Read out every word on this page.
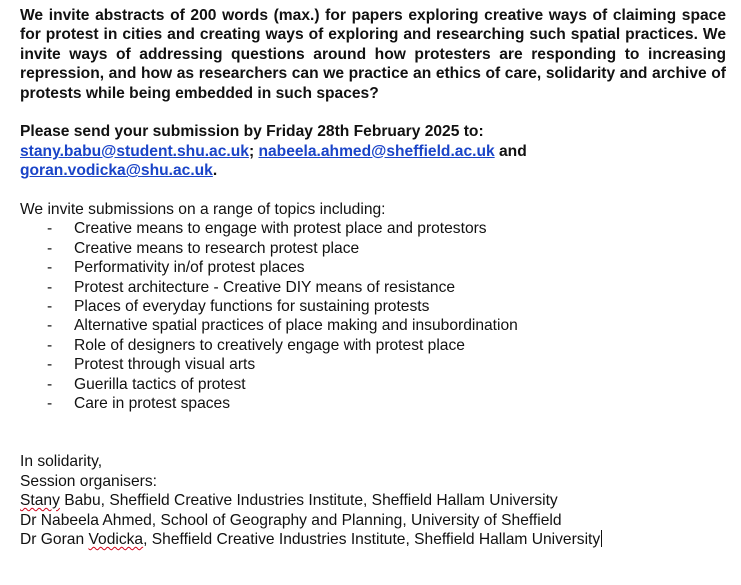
We invite abstracts of 200 words (max.) for papers exploring creative ways of claiming space for protest in cities and creating ways of exploring and researching such spatial practices. We invite ways of addressing questions around how protesters are responding to increasing repression, and how as researchers can we practice an ethics of care, solidarity and archive of protests while being embedded in such spaces?

Please send your submission by Friday 28th February 2025 to:
stany.babu@student.shu.ac.uk; nabeela.ahmed@sheffield.ac.uk and
goran.vodicka@shu.ac.uk.

We invite submissions on a range of topics including:

- Creative means to engage with protest place and protestors
- Creative means to research protest place
- Performativity in/of protest places
- Protest architecture - Creative DIY means of resistance
- Places of everyday functions for sustaining protests
- Alternative spatial practices of place making and insubordination
- Role of designers to creatively engage with protest place
- Protest through visual arts
- Guerilla tactics of protest
- Care in protest spaces
In solidarity,
Session organisers:
Stany Babu, Sheffield Creative Industries Institute, Sheffield Hallam University
Dr Nabeela Ahmed, School of Geography and Planning, University of Sheffield
Dr Goran Vodicka, Sheffield Creative Industries Institute, Sheffield Hallam University
